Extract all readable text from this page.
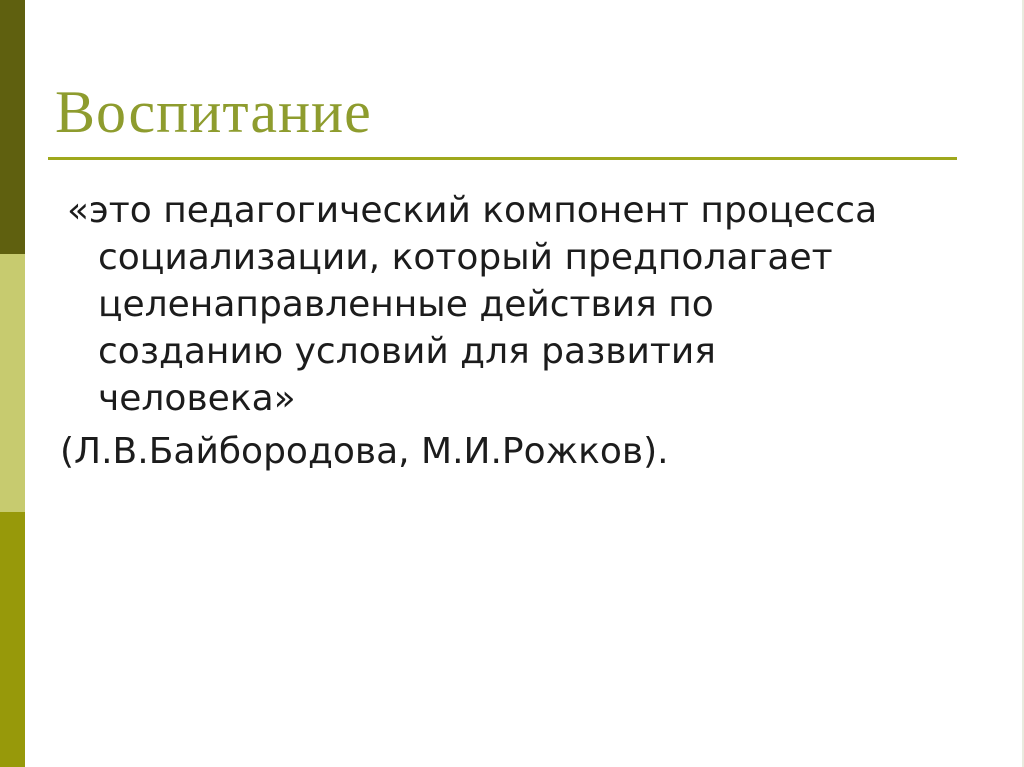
Воспитание
«это педагогический компонент процесса
социализации, который предполагает
целенаправленные действия по
созданию условий для развития
человека»
(Л.В.Байбородова, М.И.Рожков).
